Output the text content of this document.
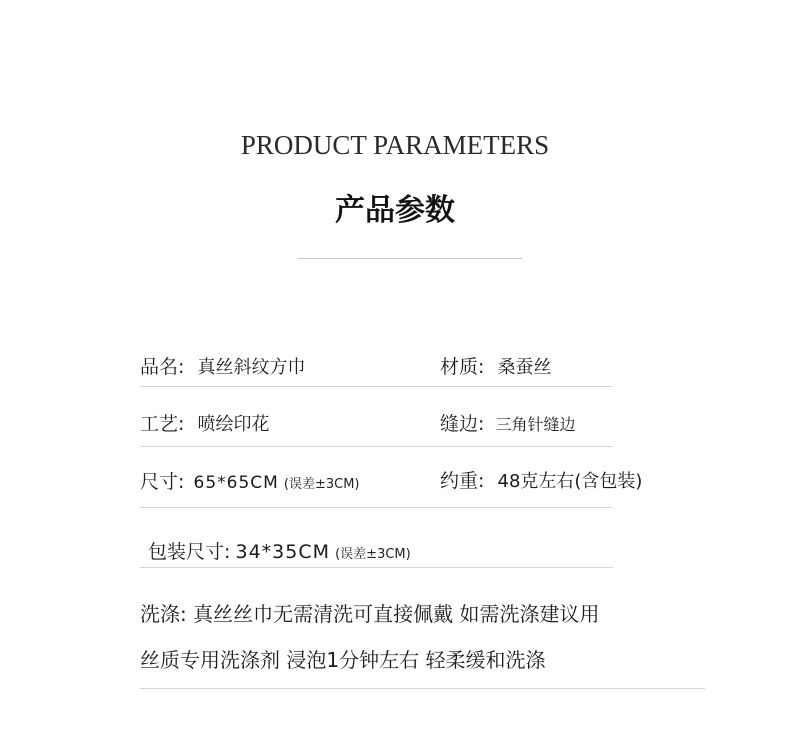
PRODUCT PARAMETERS
产品参数
品名: 真丝斜纹方巾	材质: 桑蚕丝
工艺: 喷绘印花	缝边: 三角针缝边
尺寸: 65*65CM (误差±3CM)	约重: 48克左右(含包装)
包装尺寸: 34*35CM (误差±3CM)
洗涤: 真丝丝巾无需清洗可直接佩戴 如需洗涤建议用
丝质专用洗涤剂 浸泡1分钟左右 轻柔缓和洗涤
